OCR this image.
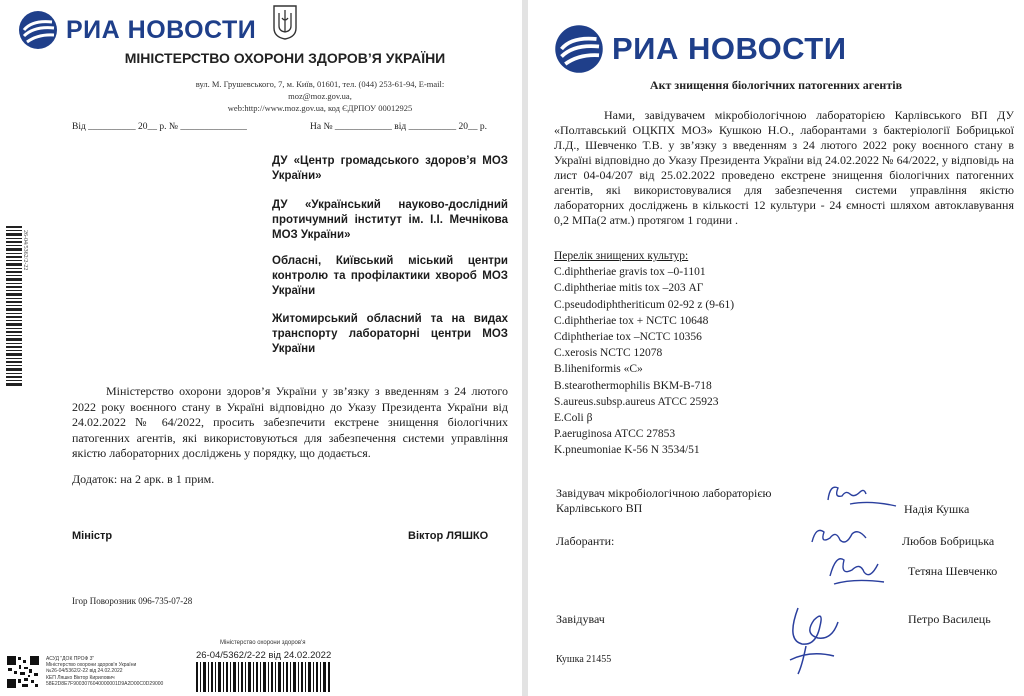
РИА НОВОСТИ
МІНІСТЕРСТВО ОХОРОНИ ЗДОРОВ’Я УКРАЇНИ
вул. М. Грушевського, 7, м. Київ, 01601, тел. (044) 253-61-94, E-mail: moz@moz.gov.ua,
web:http://www.moz.gov.ua, код ЄДРПОУ 00012925
Від __________ 20__ р. № ______________	На № ____________ від __________ 20__ р.
ДУ «Центр громадського здоров’я МОЗ України»
ДУ «Український науково-дослідний протичумний інститут ім. І.І. Мечнікова МОЗ України»
Обласні, Київський міський центри контролю та профілактики хвороб МОЗ України
Житомирський обласний та на видах транспорту лабораторні центри МОЗ України
Міністерство охорони здоров’я України у зв’язку з введенням з 24 лютого 2022 року воєнного стану в Україні відповідно до Указу Президента України від 24.02.2022 № 64/2022, просить забезпечити екстрене знищення біологічних патогенних агентів, які використовуються для забезпечення системи управління якістю лабораторних досліджень у порядку, що додається.
Додаток: на 2 арк. в 1 прим.
Міністр	Віктор ЛЯШКО
Ігор Поворозник 096-735-07-28
26-04/5362/2-22
АСУД "ДОК ПРОФ 3"
Міністерство охорони здоров'я України
№26-04/5362/2-22 від 24.02.2022
КЕП Ляшко Віктор Кирилович
58E2D8E7F9003076040000001D9A2D00C0D29000
Міністерство охорони здоров'я
26-04/5362/2-22 від 24.02.2022
РИА НОВОСТИ
Акт знищення біологічних патогенних агентів
Нами, завідувачем мікробіологічною лабораторією Карлівського ВП ДУ «Полтавський ОЦКПХ МОЗ» Кушкою Н.О., лаборантами з бактеріології Бобрицької Л.Д., Шевченко Т.В. у зв’язку з введенням з 24 лютого 2022 року воєнного стану в Україні відповідно до Указу Президента України від 24.02.2022 № 64/2022, у відповідь на лист 04-04/207 від 25.02.2022 проведено екстрене знищення біологічних патогенних агентів, які використовувалися для забезпечення системи управління якістю лабораторних досліджень в кількості 12 культури - 24 ємності шляхом автоклавування 0,2 МПа(2 атм.) протягом 1 години .
Перелік знищених культур:
C.diphtheriae gravis tox –0-1101
C.diphtheriae mitis tox –203 АГ
C.pseudodiphtheriticum 02-92 z (9-61)
C.diphtheriae tox + NCTC 10648
Cdiphtheriae tox –NCTC 10356
C.xerosis NCTC 12078
B.liheniformis «C»
B.stearothermophilis BKM-B-718
S.aureus.subsp.aureus ATCC 25923
E.Coli β
P.aeruginosa ATCC 27853
K.pneumoniae K-56 N 3534/51
Завідувач мікробіологічною лабораторією
Карлівського ВП	Надія Кушка
Лаборанти:	Любов Бобрицька
Тетяна Шевченко
Завідувач	Петро Василець
Кушка 21455
